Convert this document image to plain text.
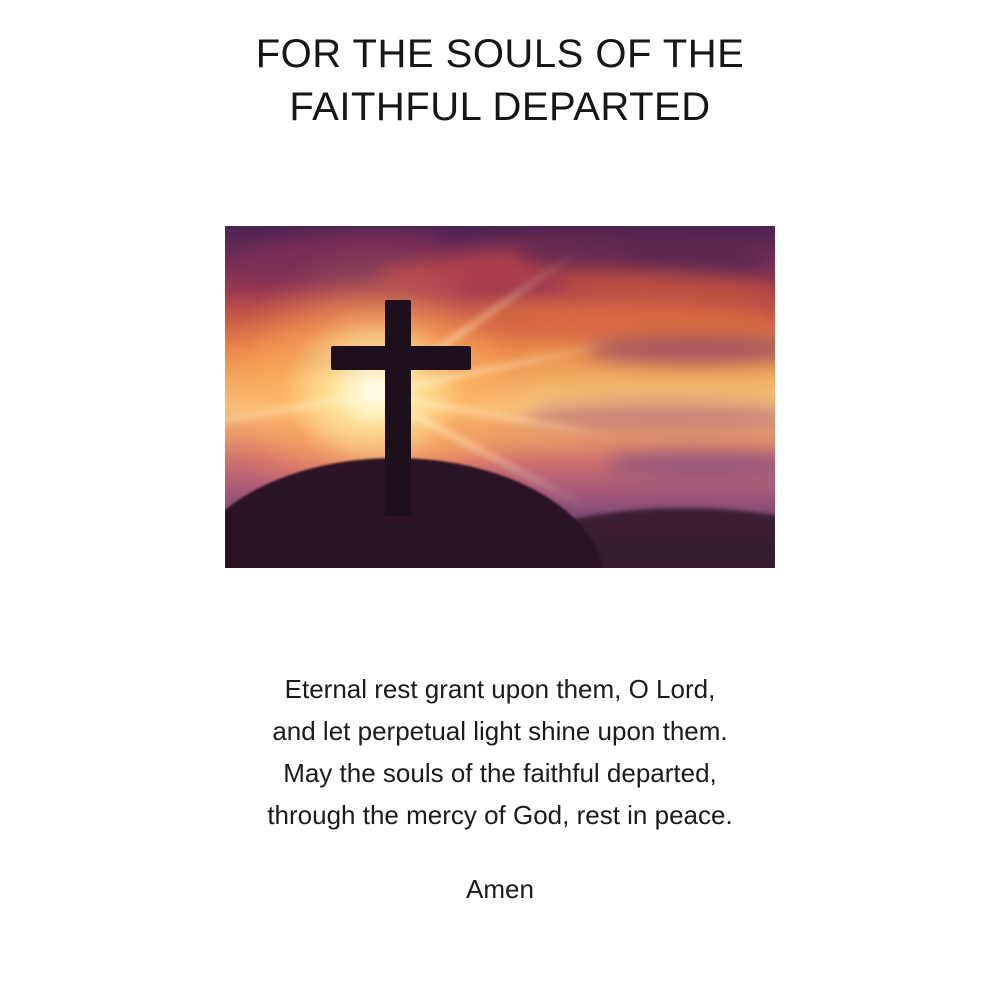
FOR THE SOULS OF THE
FAITHFUL DEPARTED
Eternal rest grant upon them, O Lord,
and let perpetual light shine upon them.
May the souls of the faithful departed,
through the mercy of God, rest in peace.
Amen
